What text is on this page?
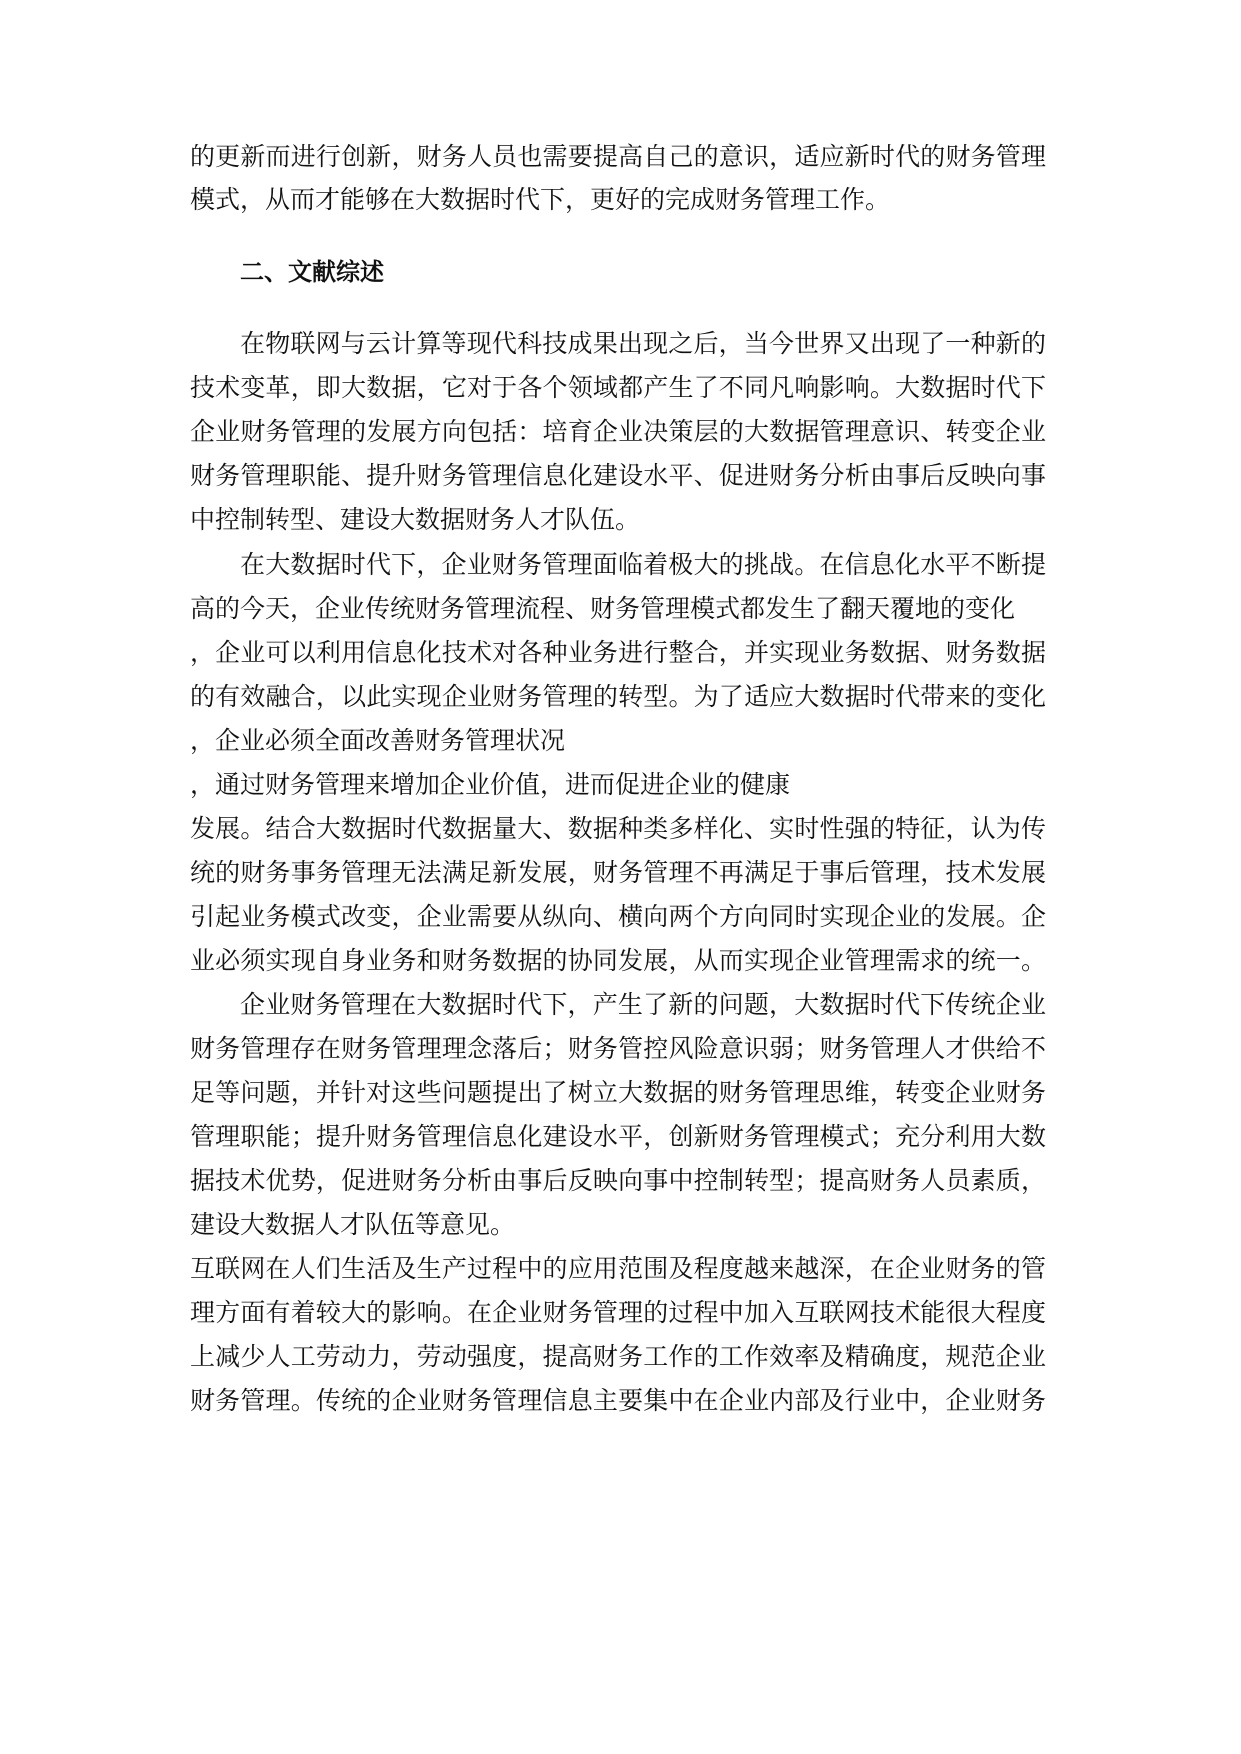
的更新而进行创新，财务人员也需要提高自己的意识，适应新时代的财务管理
模式，从而才能够在大数据时代下，更好的完成财务管理工作。
二、文献综述
在物联网与云计算等现代科技成果出现之后，当今世界又出现了一种新的
技术变革，即大数据，它对于各个领域都产生了不同凡响影响。大数据时代下
企业财务管理的发展方向包括：培育企业决策层的大数据管理意识、转变企业
财务管理职能、提升财务管理信息化建设水平、促进财务分析由事后反映向事
中控制转型、建设大数据财务人才队伍。
在大数据时代下，企业财务管理面临着极大的挑战。在信息化水平不断提
高的今天，企业传统财务管理流程、财务管理模式都发生了翻天覆地的变化
，企业可以利用信息化技术对各种业务进行整合，并实现业务数据、财务数据
的有效融合，以此实现企业财务管理的转型。为了适应大数据时代带来的变化
，企业必须全面改善财务管理状况
，通过财务管理来增加企业价值，进而促进企业的健康
发展。结合大数据时代数据量大、数据种类多样化、实时性强的特征，认为传
统的财务事务管理无法满足新发展，财务管理不再满足于事后管理，技术发展
引起业务模式改变，企业需要从纵向、横向两个方向同时实现企业的发展。企
业必须实现自身业务和财务数据的协同发展，从而实现企业管理需求的统一。
企业财务管理在大数据时代下，产生了新的问题，大数据时代下传统企业
财务管理存在财务管理理念落后；财务管控风险意识弱；财务管理人才供给不
足等问题，并针对这些问题提出了树立大数据的财务管理思维，转变企业财务
管理职能；提升财务管理信息化建设水平，创新财务管理模式；充分利用大数
据技术优势，促进财务分析由事后反映向事中控制转型；提高财务人员素质，
建设大数据人才队伍等意见。
互联网在人们生活及生产过程中的应用范围及程度越来越深，在企业财务的管
理方面有着较大的影响。在企业财务管理的过程中加入互联网技术能很大程度
上减少人工劳动力，劳动强度，提高财务工作的工作效率及精确度，规范企业
财务管理。传统的企业财务管理信息主要集中在企业内部及行业中，企业财务
